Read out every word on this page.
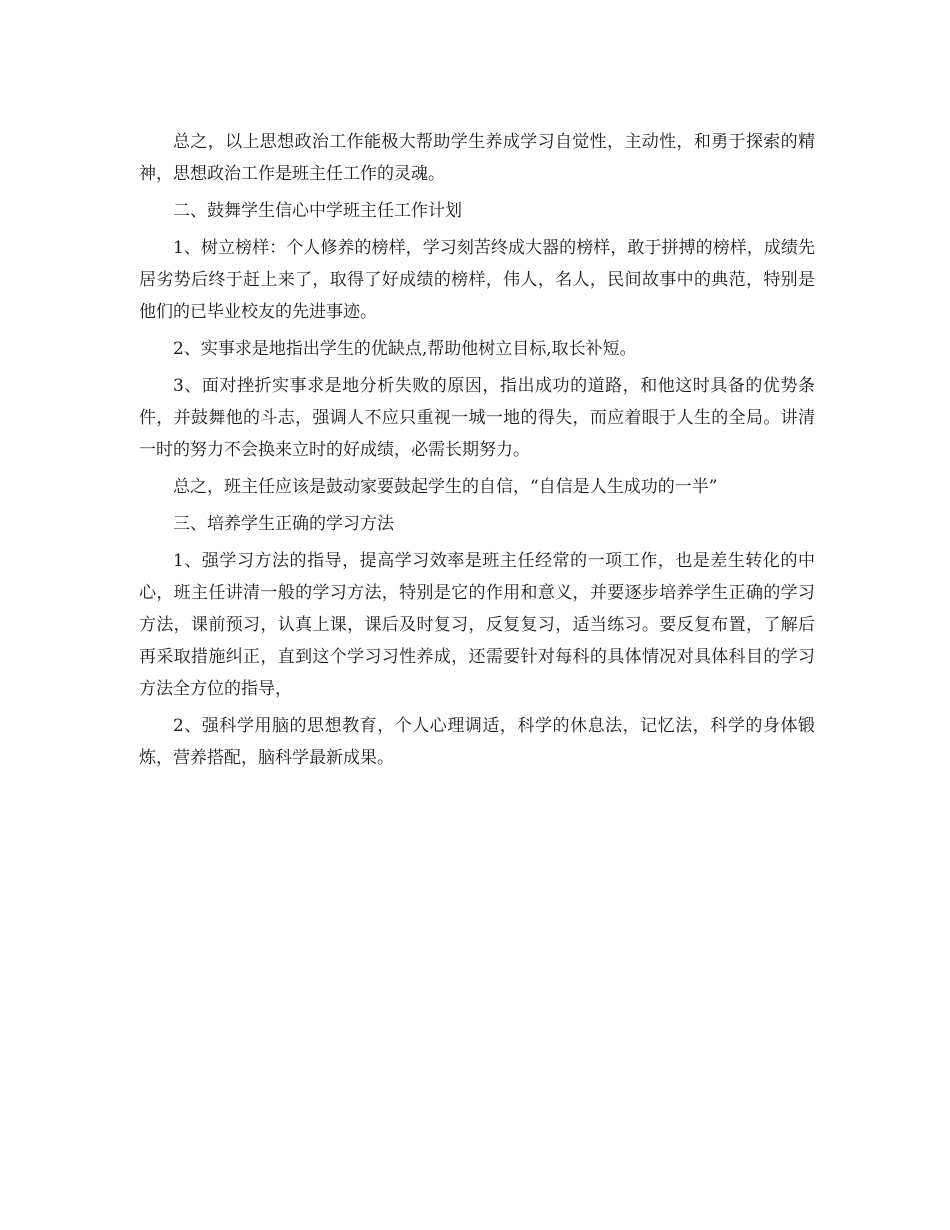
总之，以上思想政治工作能极大帮助学生养成学习自觉性，主动性，和勇于探索的精神，思想政治工作是班主任工作的灵魂。

二、鼓舞学生信心中学班主任工作计划

1、树立榜样：个人修养的榜样，学习刻苦终成大器的榜样，敢于拼搏的榜样，成绩先居劣势后终于赶上来了，取得了好成绩的榜样，伟人，名人，民间故事中的典范，特别是他们的已毕业校友的先进事迹。

2、实事求是地指出学生的优缺点,帮助他树立目标,取长补短。

3、面对挫折实事求是地分析失败的原因，指出成功的道路，和他这时具备的优势条件，并鼓舞他的斗志，强调人不应只重视一城一地的得失，而应着眼于人生的全局。讲清一时的努力不会换来立时的好成绩，必需长期努力。

总之，班主任应该是鼓动家要鼓起学生的自信，“自信是人生成功的一半”

三、培养学生正确的学习方法

1、强学习方法的指导，提高学习效率是班主任经常的一项工作，也是差生转化的中心，班主任讲清一般的学习方法，特别是它的作用和意义，并要逐步培养学生正确的学习方法，课前预习，认真上课，课后及时复习，反复复习，适当练习。要反复布置，了解后再采取措施纠正，直到这个学习习性养成，还需要针对每科的具体情况对具体科目的学习方法全方位的指导，

2、强科学用脑的思想教育，个人心理调适，科学的休息法，记忆法，科学的身体锻炼，营养搭配，脑科学最新成果。
